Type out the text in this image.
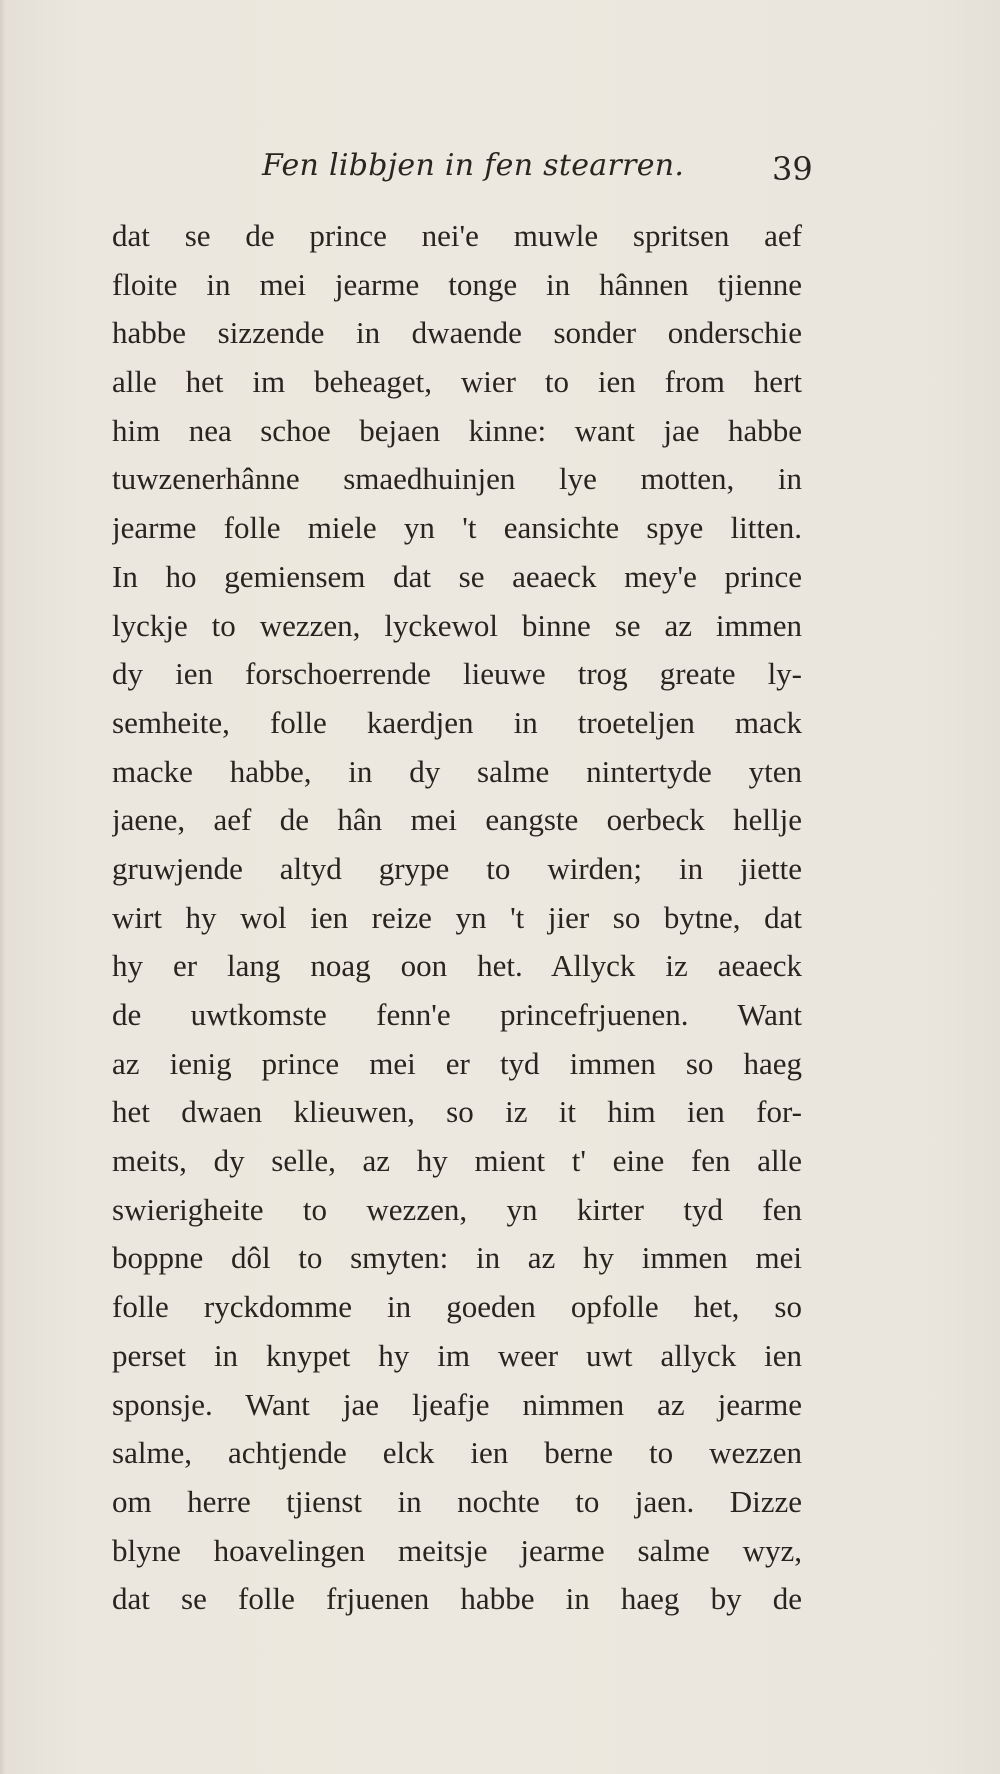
Fen libbjen in fen stearren.	39
dat se de prince nei'e muwle spritsen aef
floite in mei jearme tonge in hânnen tjienne
habbe sizzende in dwaende sonder onderschie
alle het im beheaget, wier to ien from hert
him nea schoe bejaen kinne: want jae habbe
tuwzenerhânne smaedhuinjen lye motten, in
jearme folle miele yn 't eansichte spye litten.
In ho gemiensem dat se aeaeck mey'e prince
lyckje to wezzen, lyckewol binne se az immen
dy ien forschoerrende lieuwe trog greate ly-
semheite, folle kaerdjen in troeteljen mack
macke habbe, in dy salme nintertyde yten
jaene, aef de hân mei eangste oerbeck hellje
gruwjende altyd grype to wirden; in jiette
wirt hy wol ien reize yn 't jier so bytne, dat
hy er lang noag oon het. Allyck iz aeaeck
de uwtkomste fenn'e princefrjuenen. Want
az ienig prince mei er tyd immen so haeg
het dwaen klieuwen, so iz it him ien for-
meits, dy selle, az hy mient t' eine fen alle
swierigheite to wezzen, yn kirter tyd fen
boppne dôl to smyten: in az hy immen mei
folle ryckdomme in goeden opfolle het, so
perset in knypet hy im weer uwt allyck ien
sponsje. Want jae ljeafje nimmen az jearme
salme, achtjende elck ien berne to wezzen
om herre tjienst in nochte to jaen. Dizze
blyne hoavelingen meitsje jearme salme wyz,
dat se folle frjuenen habbe in haeg by de
